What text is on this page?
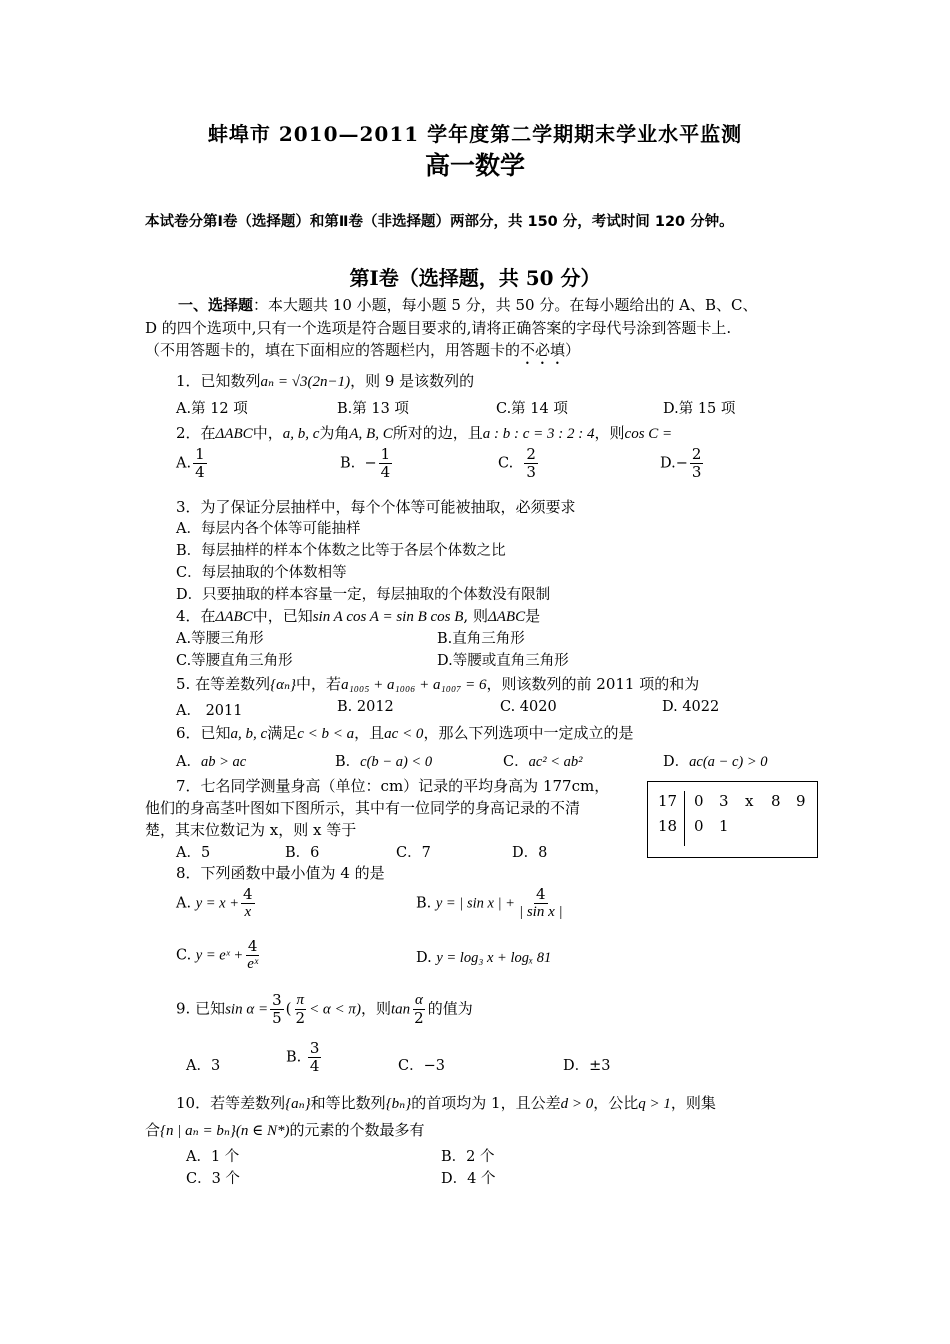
蚌埠市 2010—2011 学年度第二学期期末学业水平监测
高一数学
本试卷分第Ⅰ卷（选择题）和第Ⅱ卷（非选择题）两部分，共 150 分，考试时间 120 分钟。
第Ⅰ卷（选择题，共 50 分）
一、选择题：本大题共 10 小题，每小题 5 分，共 50 分。在每小题给出的 A、B、C、
D 的四个选项中,只有一个选项是符合题目要求的,请将正确答案的字母代号涂到答题卡上.
（不用答题卡的，填在下面相应的答题栏内，用答题卡的不必填）
1．已知数列aₙ = √3(2n−1)，则 9 是该数列的
A.第 12 项	B.第 13 项	C.第 14 项	D.第 15 项
2．在ΔABC中，a, b, c为角A, B, C所对的边，且a : b : c = 3 : 2 : 4，则cos C =
A. $\frac{1}{4}$	B. − $\frac{1}{4}$	C. $\frac{2}{3}$	$D.- \frac{2}{3}$
3．为了保证分层抽样中，每个个体等可能被抽取，必须要求
A．每层内各个体等可能抽样
B．每层抽样的样本个体数之比等于各层个体数之比
C．每层抽取的个体数相等
D．只要抽取的样本容量一定，每层抽取的个体数没有限制
4．在ΔABC中，已知sin A cos A = sin B cos B, 则ΔABC是
A.等腰三角形	B.直角三角形
C.等腰直角三角形	D.等腰或直角三角形
5. 在等差数列{αₙ}中，若a₁₀₀₅ + a₁₀₀₆ + a₁₀₀₇ = 6，则该数列的前 2011 项的和为
A． 2011	B. 2012	C. 4020	D. 4022
6．已知a, b, c满足c < b < a，且ac < 0，那么下列选项中一定成立的是
A．ab > ac	B．c(b − a) < 0	C．ac² < ab²	D．ac(a − c) > 0
7．七名同学测量身高（单位：cm）记录的平均身高为 177cm，
他们的身高茎叶图如下图所示，其中有一位同学的身高记录的不清
楚，其末位数记为 x，则 x 等于
A．5	B．6	C．7	D．8
17 0 3 x 8 9
18 0 1
8．下列函数中最小值为 4 的是
A. $y = x + \frac{4}{x}$	B. y = | sin x | + $\frac{4}{\text{| sin x |}}$
C. y = eˣ + $\frac{4}{\text{eˣ}}$	D. y = log₃ x + logₓ 81
9. 已知$\sin \alpha = \frac{3}{5}$ ( $\frac{\pi}{2} < \alpha < \pi$)，则$\tan \frac{\alpha}{2}$ 的值为
A．3
B. $\frac{3}{4}$	C．−3	D．±3
10．若等差数列{aₙ}和等比数列{bₙ}的首项均为 1，且公差d > 0，公比q > 1，则集
合{n | aₙ = bₙ}(n ∈ N*)的元素的个数最多有
A．1 个	B．2 个
C．3 个	D．4 个
